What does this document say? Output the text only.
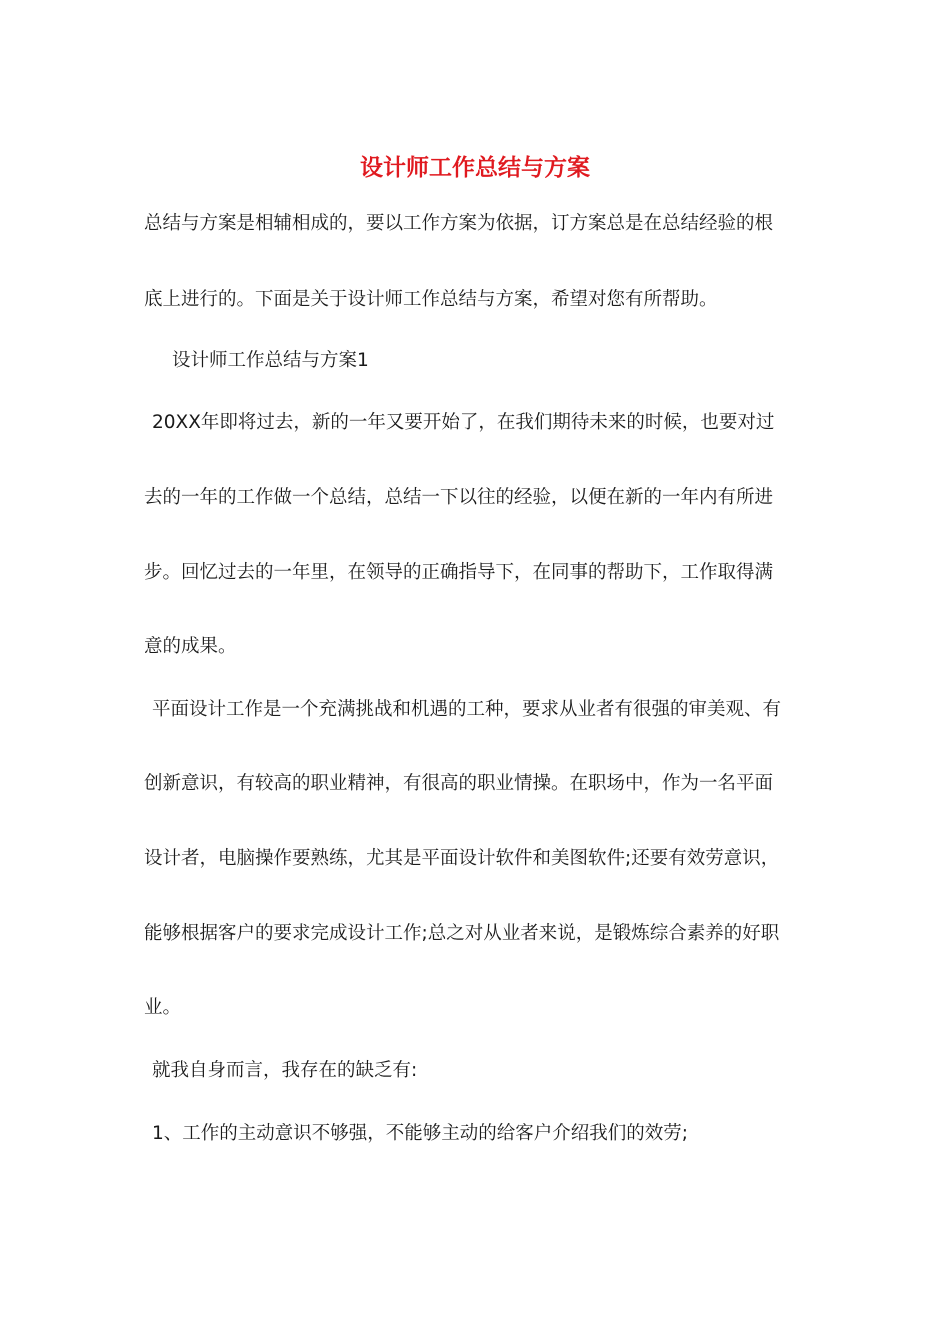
设计师工作总结与方案
总结与方案是相辅相成的，要以工作方案为依据，订方案总是在总结经验的根
底上进行的。下面是关于设计师工作总结与方案，希望对您有所帮助。
设计师工作总结与方案1
20XX年即将过去，新的一年又要开始了，在我们期待未来的时候，也要对过
去的一年的工作做一个总结，总结一下以往的经验，以便在新的一年内有所进
步。回忆过去的一年里，在领导的正确指导下，在同事的帮助下，工作取得满
意的成果。
平面设计工作是一个充满挑战和机遇的工种，要求从业者有很强的审美观、有
创新意识，有较高的职业精神，有很高的职业情操。在职场中，作为一名平面
设计者，电脑操作要熟练，尤其是平面设计软件和美图软件;还要有效劳意识，
能够根据客户的要求完成设计工作;总之对从业者来说，是锻炼综合素养的好职
业。
就我自身而言，我存在的缺乏有:
1、工作的主动意识不够强，不能够主动的给客户介绍我们的效劳;
